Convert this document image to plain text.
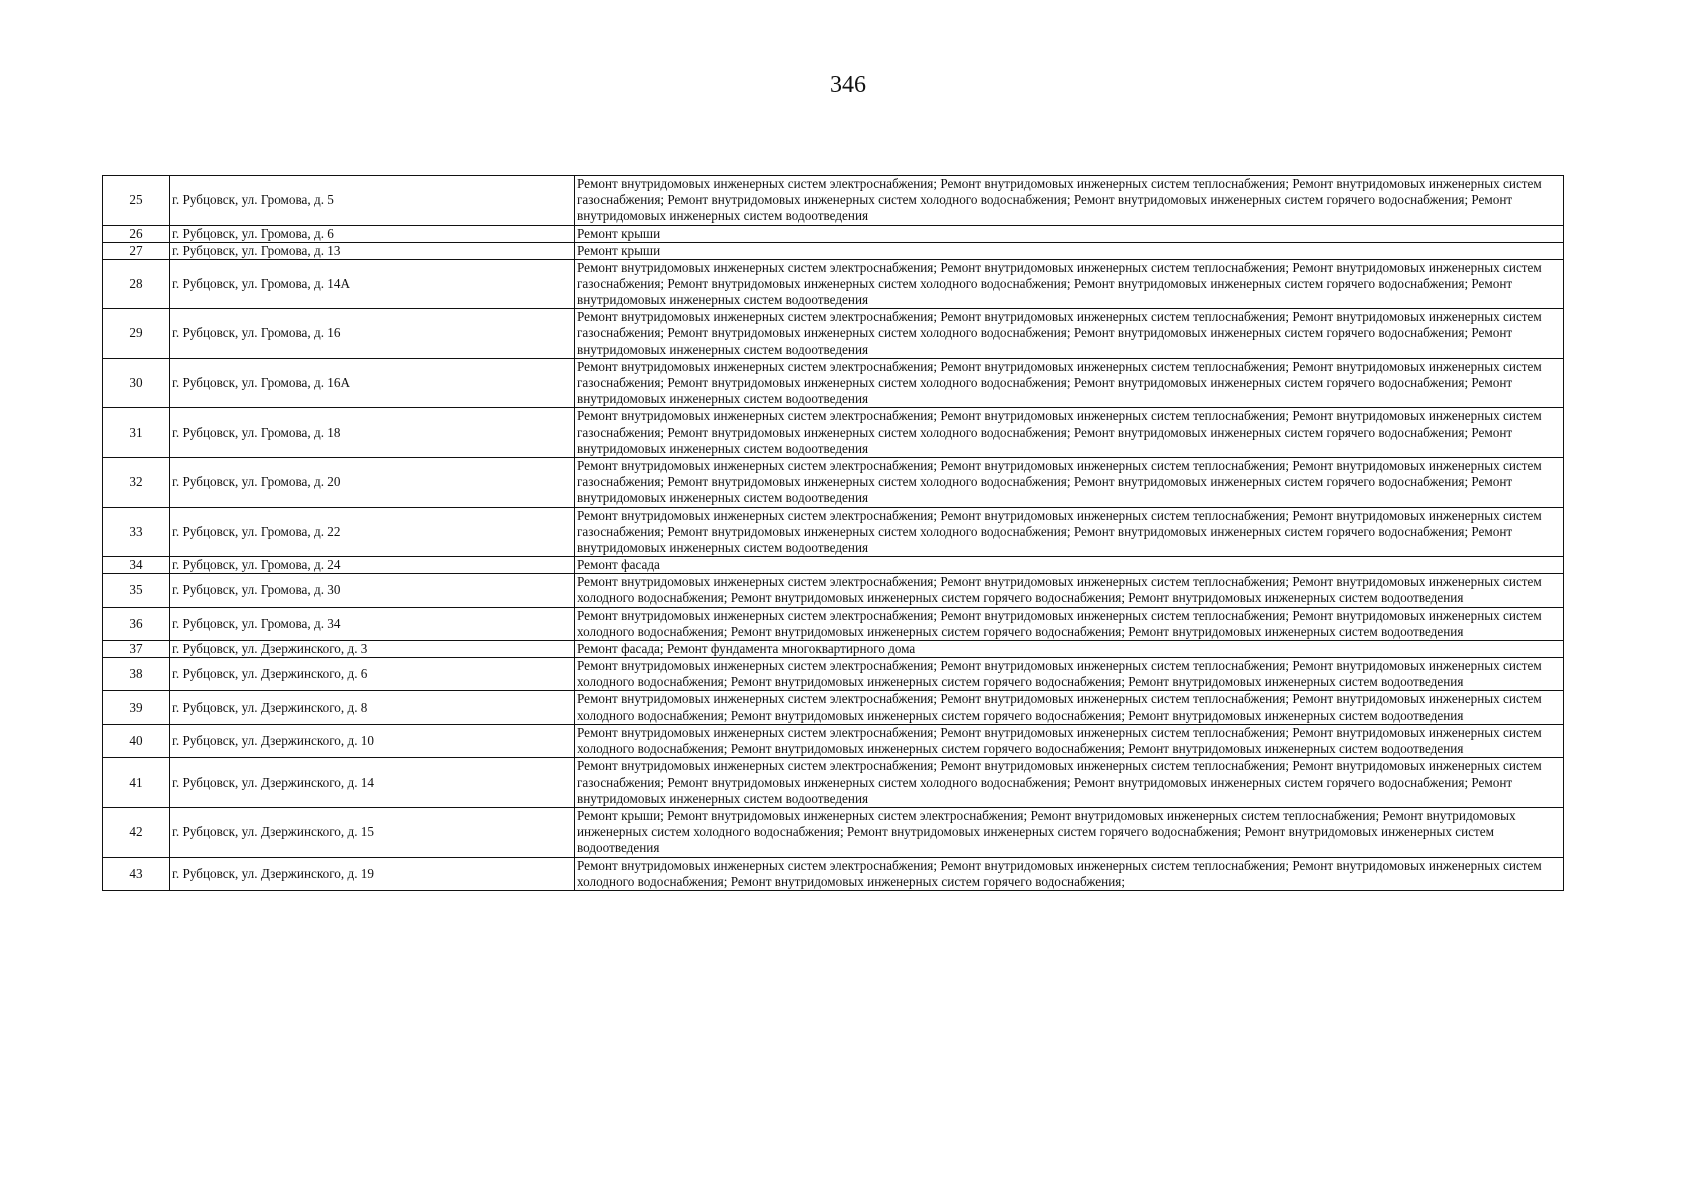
346
25	г. Рубцовск, ул. Громова, д. 5	Ремонт внутридомовых инженерных систем электроснабжения; Ремонт внутридомовых инженерных систем теплоснабжения; Ремонт внутридомовых инженерных систем газоснабжения; Ремонт внутридомовых инженерных систем холодного водоснабжения; Ремонт внутридомовых инженерных систем горячего водоснабжения; Ремонт внутридомовых инженерных систем водоотведения
26	г. Рубцовск, ул. Громова, д. 6	Ремонт крыши
27	г. Рубцовск, ул. Громова, д. 13	Ремонт крыши
28	г. Рубцовск, ул. Громова, д. 14А	Ремонт внутридомовых инженерных систем электроснабжения; Ремонт внутридомовых инженерных систем теплоснабжения; Ремонт внутридомовых инженерных систем газоснабжения; Ремонт внутридомовых инженерных систем холодного водоснабжения; Ремонт внутридомовых инженерных систем горячего водоснабжения; Ремонт внутридомовых инженерных систем водоотведения
29	г. Рубцовск, ул. Громова, д. 16	Ремонт внутридомовых инженерных систем электроснабжения; Ремонт внутридомовых инженерных систем теплоснабжения; Ремонт внутридомовых инженерных систем газоснабжения; Ремонт внутридомовых инженерных систем холодного водоснабжения; Ремонт внутридомовых инженерных систем горячего водоснабжения; Ремонт внутридомовых инженерных систем водоотведения
30	г. Рубцовск, ул. Громова, д. 16А	Ремонт внутридомовых инженерных систем электроснабжения; Ремонт внутридомовых инженерных систем теплоснабжения; Ремонт внутридомовых инженерных систем газоснабжения; Ремонт внутридомовых инженерных систем холодного водоснабжения; Ремонт внутридомовых инженерных систем горячего водоснабжения; Ремонт внутридомовых инженерных систем водоотведения
31	г. Рубцовск, ул. Громова, д. 18	Ремонт внутридомовых инженерных систем электроснабжения; Ремонт внутридомовых инженерных систем теплоснабжения; Ремонт внутридомовых инженерных систем газоснабжения; Ремонт внутридомовых инженерных систем холодного водоснабжения; Ремонт внутридомовых инженерных систем горячего водоснабжения; Ремонт внутридомовых инженерных систем водоотведения
32	г. Рубцовск, ул. Громова, д. 20	Ремонт внутридомовых инженерных систем электроснабжения; Ремонт внутридомовых инженерных систем теплоснабжения; Ремонт внутридомовых инженерных систем газоснабжения; Ремонт внутридомовых инженерных систем холодного водоснабжения; Ремонт внутридомовых инженерных систем горячего водоснабжения; Ремонт внутридомовых инженерных систем водоотведения
33	г. Рубцовск, ул. Громова, д. 22	Ремонт внутридомовых инженерных систем электроснабжения; Ремонт внутридомовых инженерных систем теплоснабжения; Ремонт внутридомовых инженерных систем газоснабжения; Ремонт внутридомовых инженерных систем холодного водоснабжения; Ремонт внутридомовых инженерных систем горячего водоснабжения; Ремонт внутридомовых инженерных систем водоотведения
34	г. Рубцовск, ул. Громова, д. 24	Ремонт фасада
35	г. Рубцовск, ул. Громова, д. 30	Ремонт внутридомовых инженерных систем электроснабжения; Ремонт внутридомовых инженерных систем теплоснабжения; Ремонт внутридомовых инженерных систем холодного водоснабжения; Ремонт внутридомовых инженерных систем горячего водоснабжения; Ремонт внутридомовых инженерных систем водоотведения
36	г. Рубцовск, ул. Громова, д. 34	Ремонт внутридомовых инженерных систем электроснабжения; Ремонт внутридомовых инженерных систем теплоснабжения; Ремонт внутридомовых инженерных систем холодного водоснабжения; Ремонт внутридомовых инженерных систем горячего водоснабжения; Ремонт внутридомовых инженерных систем водоотведения
37	г. Рубцовск, ул. Дзержинского, д. 3	Ремонт фасада; Ремонт фундамента многоквартирного дома
38	г. Рубцовск, ул. Дзержинского, д. 6	Ремонт внутридомовых инженерных систем электроснабжения; Ремонт внутридомовых инженерных систем теплоснабжения; Ремонт внутридомовых инженерных систем холодного водоснабжения; Ремонт внутридомовых инженерных систем горячего водоснабжения; Ремонт внутридомовых инженерных систем водоотведения
39	г. Рубцовск, ул. Дзержинского, д. 8	Ремонт внутридомовых инженерных систем электроснабжения; Ремонт внутридомовых инженерных систем теплоснабжения; Ремонт внутридомовых инженерных систем холодного водоснабжения; Ремонт внутридомовых инженерных систем горячего водоснабжения; Ремонт внутридомовых инженерных систем водоотведения
40	г. Рубцовск, ул. Дзержинского, д. 10	Ремонт внутридомовых инженерных систем электроснабжения; Ремонт внутридомовых инженерных систем теплоснабжения; Ремонт внутридомовых инженерных систем холодного водоснабжения; Ремонт внутридомовых инженерных систем горячего водоснабжения; Ремонт внутридомовых инженерных систем водоотведения
41	г. Рубцовск, ул. Дзержинского, д. 14	Ремонт внутридомовых инженерных систем электроснабжения; Ремонт внутридомовых инженерных систем теплоснабжения; Ремонт внутридомовых инженерных систем газоснабжения; Ремонт внутридомовых инженерных систем холодного водоснабжения; Ремонт внутридомовых инженерных систем горячего водоснабжения; Ремонт внутридомовых инженерных систем водоотведения
42	г. Рубцовск, ул. Дзержинского, д. 15	Ремонт крыши; Ремонт внутридомовых инженерных систем электроснабжения; Ремонт внутридомовых инженерных систем теплоснабжения; Ремонт внутридомовых инженерных систем холодного водоснабжения; Ремонт внутридомовых инженерных систем горячего водоснабжения; Ремонт внутридомовых инженерных систем водоотведения
43	г. Рубцовск, ул. Дзержинского, д. 19	Ремонт внутридомовых инженерных систем электроснабжения; Ремонт внутридомовых инженерных систем теплоснабжения; Ремонт внутридомовых инженерных систем холодного водоснабжения; Ремонт внутридомовых инженерных систем горячего водоснабжения;
